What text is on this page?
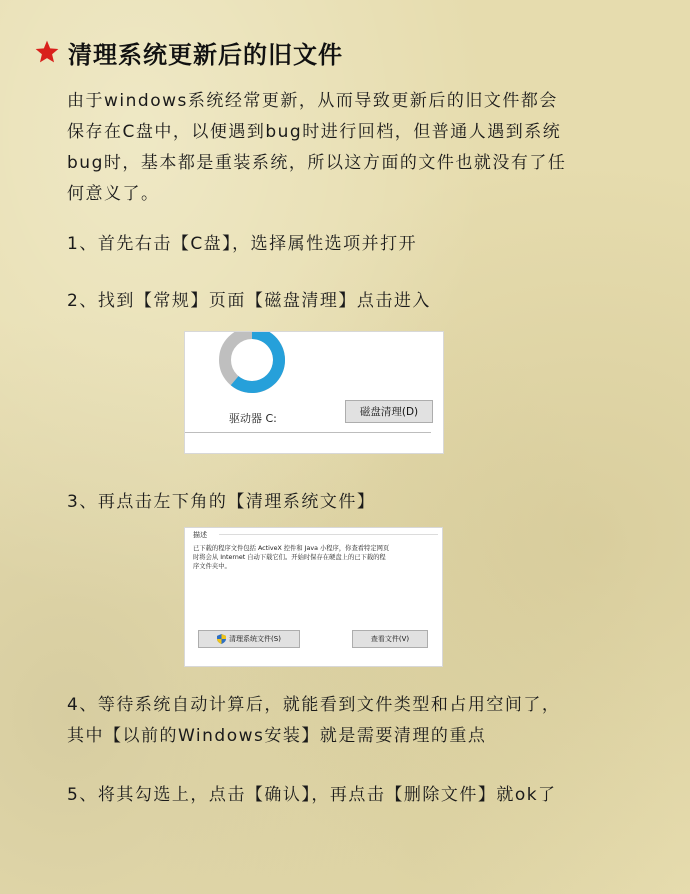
清理系统更新后的旧文件

由于windows系统经常更新，从而导致更新后的旧文件都会
保存在C盘中，以便遇到bug时进行回档，但普通人遇到系统
bug时，基本都是重装系统，所以这方面的文件也就没有了任
何意义了。

1、首先右击【C盘】，选择属性选项并打开

2、找到【常规】页面【磁盘清理】点击进入

驱动器 C:	磁盘清理(D)

3、再点击左下角的【清理系统文件】

描述

已下载的程序文件包括 ActiveX 控件和 Java 小程序，你查看特定网页
时将会从 Internet 自动下载它们。开始时保存在硬盘上的已下载的程
序文件夹中。

清理系统文件(S)	查看文件(V)

4、等待系统自动计算后，就能看到文件类型和占用空间了，
其中【以前的Windows安装】就是需要清理的重点

5、将其勾选上，点击【确认】，再点击【删除文件】就ok了
